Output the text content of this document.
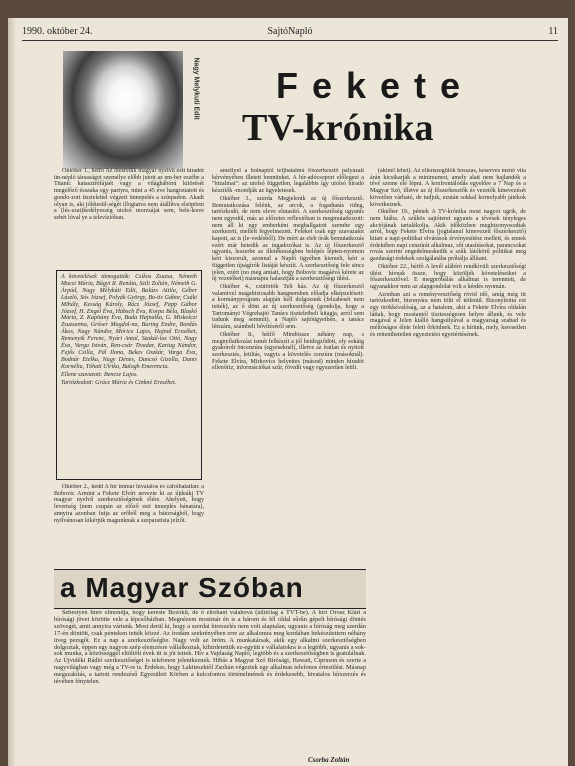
1990. október 24.	SajtóNapló	11
Nagy Melykuti Edit Fekete
TV-krónika

Október 1., hétfő Az ötesredik magyar nyelvű esti híradót ün-népló társaságot személye előbb jutott az em-ber eszébe a Titanic katasztrófájáét vagy a világhábórú kitörését megelőző ésszaka egy partyra, mint a 45 éve hangoztatott és gondo-zott tisztelettel végzett ünnepelés a színpadon. Akadt olyan is, aki jólétesül-ségét illogiatva nem átállítva elsöpörni a (lés-szat)kedélyesség utolsó morzsáját sem, bele-lesve sebét lóval ye a televízióban.

A követelések támogatták: Csíkos Zsuzsa, Németh Mucsi Mária, Bágyi R. Renáta, Szili Zoltán, Németh G. Árpád, Nagy Mélykúti Edit, Balázs Attila, Géber László, Sós József, Polyák György, Bo-tis Gábor, Csáki Mihály, Kesság Károly, Rácz József, Papp Gábor József, H. Engel Éva, Hübsch Éva, Korpa Béla, Blaskó Márta, Z. Kapitány Éva, Buda Hajnalka, G. Miskolczi Zsuzsanna, Gróser Magdol-na, Buring Endre, Bordás Ákos, Nagy Nándor, Mórice Lajos, Hajnal Erzsébet, Remenyik Ferenc, Nyári Antal, Szakál-las Ottó, Nagy Éva, Varga István, Ren-csár Tivadar, Kartag Nándor, Fejős Csilla, Pál Ilona, Bekes Oszkár, Varga Éva, Bodnár Etelka, Nagy Dénes, Dancsó Gizella, Danis Kornélia, Tóhati Ulrika, Balogh Emerencia.

Ellene szavazott: Bencze Lajos.

Tartózkodott: Grácz Mária és Cinkné Erzsébet.

Október 2., kedd A hír immár hivatalos és cáfolhatatlan: a Bobovic Armint a Fekete Elvírt nevezte ki az újdeákj TV magyar nyelvű szerkesztőségének élére. Ahelyett, hogy levertség (nem csupán az előző esti ünneplés bánatára), annyira azonban futja az erőből meg a bátorságból, hogy nyilvánosan kikérjük magunknak a szeparatista jelzőt.

amellyel a holnaptól teljhatalmú főszerkesztő pályázati kérvényében illetett bennünket. A hír-adócsoport előlegezi a "bizalmat": az utolsó független, legalábbis így utolsó híradó készítők -mondják az ügyeletesek.

Október 3., szerda Megjelenik az új főszerkesztő. Bemutatkozása felénk, az arcok, a fogadtatás rideg, tartózkodó, de nem eleve elutasító. A szerkesztőség ugyanis nem egyedül, más az előzetes reflexióban is megmutatkozott: nem áll ki egy emberként meghallgatott szembe egy szerkezett, mellett fegyelmezett. Feleket csak egy szavazatot kapott, az is (le-vedésből). De mért az eleb órák bemutatkozás ezért már hetedik az ingadozókat is. Az új főszerkesztő ugyanis, leszerbe az illetékességben belépés lépten-nyomon kéri kiszorult, azonnal a Napló ügyében kiemelt, kéri a független újságírók listáját készíti. A szerkesztőség fele sincs jelen, ezért (no meg amiatt, hogy Bobovic magáévá kérete az új vezetőket) másnapra halasztják a szerkesztőségi ülést.

Október 4., csütörtök Telt ház. Az új főszerkesztő valamivel magabiztosabb hangnemben előadja elképzeléseit: a kormányprogram alapján kell dolgozunk (felzabesét nem tették), az ő dönt az új szerkesztőség (gondolja, hogy a Tartományi Végrehajtó Tanács tiszteletbeli kitagja, arról sem tudunk meg semmit), a Napló sajtóügyeiben, a tanács létszám, számbeli bővítéséről sem.

Október 8., hétfő Mindössze néhány nap, s megnyílatkozást ismét felkészít a jól beidegződött, oly sokáig gyakorolt öncenzúra (egyeseknél), illetve az íratlan és nyitott szerkesztés, letiltás, vagyis a követelés cenzúra (másoknál). Fekete Elvíra, Mirkovics helyettes (másod) minden híradót ellenőriz, információkat szűr, rövidít vagy egyszerűen letilt.

(akinél lehet). Az ellenszegülők hosszas, keserves menő vita árán kicsikarják a minimumot, amely alatt nem hajlandók a tévé szeme elé lépni. A konfrontálódás egyelőre a 7 Nap és a Magyar Szó, illetve az új főszerkesztők és vezetők kinevezését követően várható, de tudjuk, ezután sokkal kornolyabb játékok következnek.

Október 19., péntek A TV-krónika most nagyot ugrik, de nem hiába. A szűkös sajtóteret ugyanis a tévések tényleges akciójának tartalékolja. Akik időközben megbizonyosodtak arról, hogy Fekete Elvíra (jogtalanul kinevezett főszerkesztő) kitart a napi-politikai elvárások érvényesítése mellett, és ennek érdekében napi cenzúrát alkalmaz, sőt utasításokat, parancsokat rovás szerint engedelmeskedik a szűk látókörű politikai meg gazdasági érdekek szolgálatába próbálja állítani.

Október 22., hétfő A levél alábíró rendkívüli szerkesztőségi ülést hívnak össze, hogy közöljék követeléseiket a főszerkesztővel. E megpróbálás alkalmat is teremtett, de ugyanakkor nem az alapgondolat volt a kérdés nyomán.

Azonban azt a reményvesztőség rövid idő, amíg még itt tartózkodott, bizonyára nem tölti el tétlenül. Bizonyította ezt egy örökkévalóság, az a hatalom, akit a Fekete Elvíra oldalán láttak, hogy mostantól tisztességesen helyre állunk, és vele magával a Jelen kiálló hangsúlyával a magyarság szabad és méltóságos élete felett őrködnek. Ez a hírünk, mely, keresetlen és rettenthetetlen egyeztetési egyetértésének.

a Magyar Szóban

Sebestyén Imre elmondja, hogy kereste Bozókit, de ő elrohant valahová (állítólag a TVT-be). A hírt Orosz Klári a bírósági jövet közötte vele a lépcsőházban. Megnézem mostmár én is a három és fél oldal sűrűn gépelt bírósági döntés szövegét, amit annyira vártunk. Most derül ki, hogy a szerdai hireszelés nem volt alaptalan, ugyanis a bíróság meg szerdán 17-én döntött, csak pénteken tették közzé. Az írodám szekrényében erre az alkalomra meg kordában bekészítettem néhány üveg pezsgőt. Ez a nap a szerkesztőségbe. Nagy volt az öröm. A munkatársak, akik egy alkalmi szerkesztőségben dolgoztak, éppen egy nagyon szép elemzésre vállalkoztak, kihirdetettük ez-együtt e vállalatokra is a legtöbb, ugyanis a sok-sok munka, a közösséggel eltöltött évek itt is jót tettek. Hív a Vajdaság Napló, legtöbb és a szerkesztőségben is gratulálnak. Az Újvidéki Rádió szerkesztőségei is telefonon jelentkeznek. Hibás a Magyar Szó Bírósági, Hawaii, Cipruson és szerte a nagyvilágban vagy még a TV-re is. Érdekes, hogy Lakiteszktől Zsoltán végeztek egy alkalmas telefonos értesülést. Másnap megszakítás, a tartott rendezésű Egyesületi Körben a kulcsfontos történelmének és érdekesebb, hivatalos hírszerzés és tévében fénytelen.

Csorba Zoltán
